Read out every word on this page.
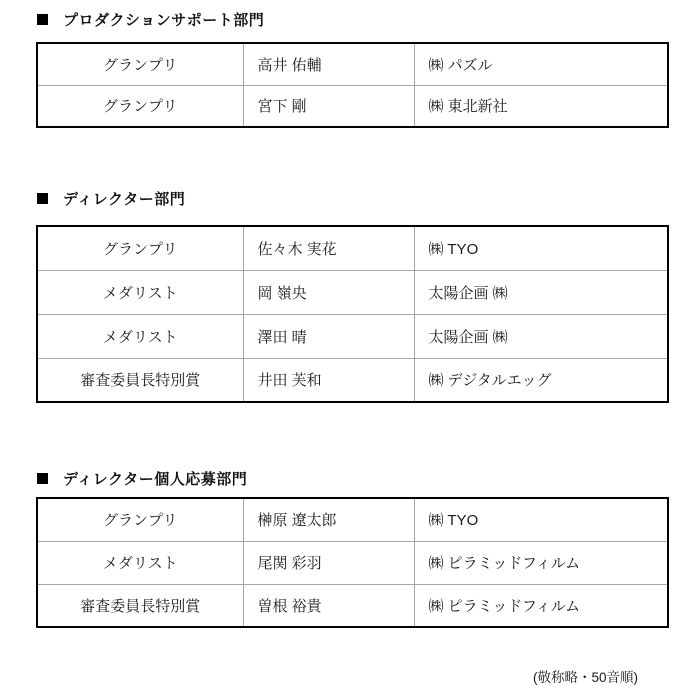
プロダクションサポート部門
グランプリ	高井 佑輔	㈱ パズル
グランプリ	宮下 剛	㈱ 東北新社
ディレクター部門
グランプリ	佐々木 実花	㈱ TYO
メダリスト	岡 嶺央	太陽企画 ㈱
メダリスト	澤田 晴	太陽企画 ㈱
審査委員長特別賞	井田 芙和	㈱ デジタルエッグ
ディレクター個人応募部門
グランプリ	榊原 遼太郎	㈱ TYO
メダリスト	尾関 彩羽	㈱ ピラミッドフィルム
審査委員長特別賞	曽根 裕貴	㈱ ピラミッドフィルム
(敬称略・50音順)
